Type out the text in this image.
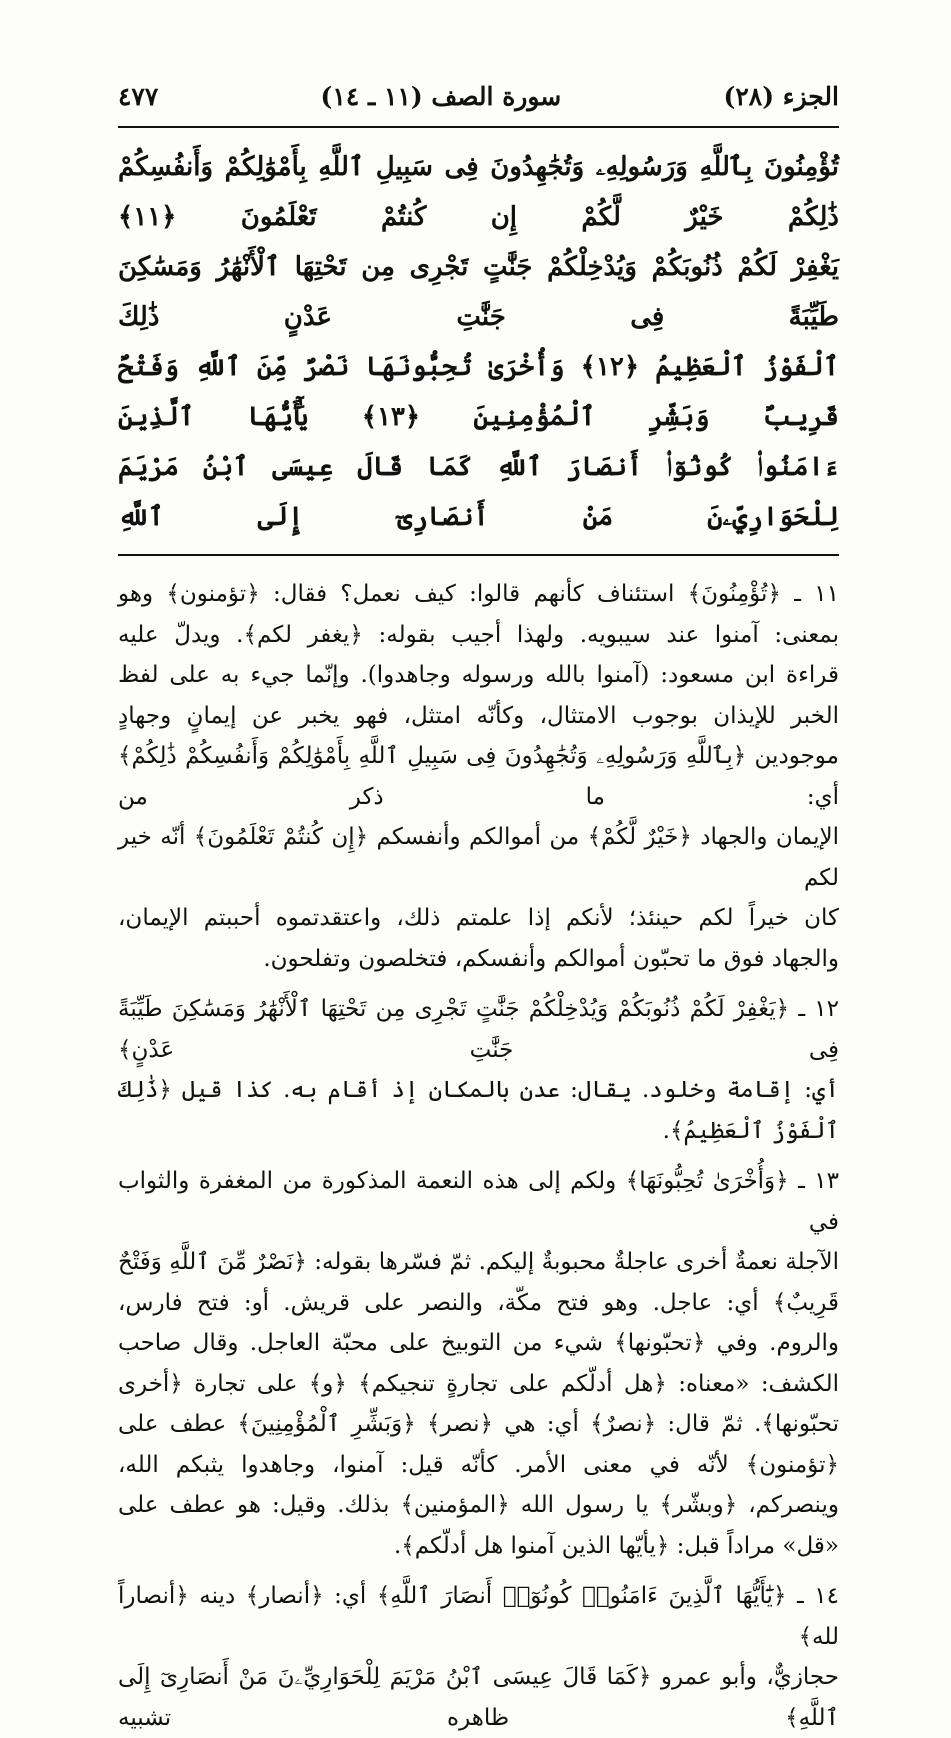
الجزء (٢٨)
سورة الصف (١١ ـ ١٤)
٤٧٧
تُؤْمِنُونَ بِٱللَّهِ وَرَسُولِهِۦ وَتُجَٰهِدُونَ فِى سَبِيلِ ٱللَّهِ بِأَمْوَٰلِكُمْ وَأَنفُسِكُمْ ذَٰلِكُمْ خَيْرٌ لَّكُمْ إِن كُنتُمْ تَعْلَمُونَ ﴿١١﴾
يَغْفِرْ لَكُمْ ذُنُوبَكُمْ وَيُدْخِلْكُمْ جَنَّٰتٍ تَجْرِى مِن تَحْتِهَا ٱلْأَنْهَٰرُ وَمَسَٰكِنَ طَيِّبَةً فِى جَنَّٰتِ عَدْنٍ ذَٰلِكَ
ٱلْفَوْزُ ٱلْعَظِيمُ ﴿١٢﴾ وَأُخْرَىٰ تُحِبُّونَهَا نَصْرٌ مِّنَ ٱللَّهِ وَفَتْحٌ قَرِيبٌ وَبَشِّرِ ٱلْمُؤْمِنِينَ ﴿١٣﴾ يَٰٓأَيُّهَا ٱلَّذِينَ
ءَامَنُوا۟ كُونُوٓا۟ أَنصَارَ ٱللَّهِ كَمَا قَالَ عِيسَى ٱبْنُ مَرْيَمَ لِلْحَوَارِيِّۦنَ مَنْ أَنصَارِىٓ إِلَى ٱللَّهِ

١١ ـ ﴿تُؤْمِنُونَ﴾ استئناف كأنهم قالوا: كيف نعمل؟ فقال: ﴿تؤمنون﴾ وهو
بمعنى: آمنوا عند سيبويه. ولهذا أجيب بقوله: ﴿يغفر لكم﴾. ويدلّ عليه
قراءة ابن مسعود: (آمنوا بالله ورسوله وجاهدوا). وإنّما جيء به على لفظ
الخبر للإيذان بوجوب الامتثال، وكأنّه امتثل، فهو يخبر عن إيمانٍ وجهادٍ
موجودين ﴿بِٱللَّهِ وَرَسُولِهِۦ وَتُجَٰهِدُونَ فِى سَبِيلِ ٱللَّهِ بِأَمْوَٰلِكُمْ وَأَنفُسِكُمْ ذَٰلِكُمْ﴾ أي: ما ذكر من
الإيمان والجهاد ﴿خَيْرٌ لَّكُمْ﴾ من أموالكم وأنفسكم ﴿إِن كُنتُمْ تَعْلَمُونَ﴾ أنّه خير لكم
كان خيراً لكم حينئذ؛ لأنكم إذا علمتم ذلك، واعتقدتموه أحببتم الإيمان،
والجهاد فوق ما تحبّون أموالكم وأنفسكم، فتخلصون وتفلحون.

١٢ ـ ﴿يَغْفِرْ لَكُمْ ذُنُوبَكُمْ وَيُدْخِلْكُمْ جَنَّٰتٍ تَجْرِى مِن تَحْتِهَا ٱلْأَنْهَٰرُ وَمَسَٰكِنَ طَيِّبَةً فِى جَنَّٰتِ عَدْنٍ﴾
أي: إقامة وخلود. يقال: عدن بالمكان إذ أقام به. كذا قيل ﴿ذَٰلِكَ ٱلْفَوْزُ ٱلْعَظِيمُ﴾.

١٣ ـ ﴿وَأُخْرَىٰ تُحِبُّونَهَا﴾ ولكم إلى هذه النعمة المذكورة من المغفرة والثواب في
الآجلة نعمةٌ أخرى عاجلةٌ محبوبةٌ إليكم. ثمّ فسّرها بقوله: ﴿نَصْرٌ مِّنَ ٱللَّهِ وَفَتْحٌ
قَرِيبٌ﴾ أي: عاجل. وهو فتح مكّة، والنصر على قريش. أو: فتح فارس،
والروم. وفي ﴿تحبّونها﴾ شيء من التوبيخ على محبّة العاجل. وقال صاحب
الكشف: «معناه: ﴿هل أدلّكم على تجارةٍ تنجيكم﴾ ﴿و﴾ على تجارة ﴿أخرى
تحبّونها﴾. ثمّ قال: ﴿نصرٌ﴾ أي: هي ﴿نصر﴾ ﴿وَبَشِّرِ ٱلْمُؤْمِنِينَ﴾ عطف على
﴿تؤمنون﴾ لأنّه في معنى الأمر. كأنّه قيل: آمنوا، وجاهدوا يثبكم الله،
وينصركم، ﴿وبشّر﴾ يا رسول الله ﴿المؤمنين﴾ بذلك. وقيل: هو عطف على
«قل» مراداً قبل: ﴿يأيّها الذين آمنوا هل أدلّكم﴾.

١٤ ـ ﴿يَٰٓأَيُّهَا ٱلَّذِينَ ءَامَنُوا۟ كُونُوٓا۟ أَنصَارَ ٱللَّهِ﴾ أي: ﴿أنصار﴾ دينه ﴿أنصاراً لله﴾
حجازيٌّ، وأبو عمرو ﴿كَمَا قَالَ عِيسَى ٱبْنُ مَرْيَمَ لِلْحَوَارِيِّۦنَ مَنْ أَنصَارِىٓ إِلَى ٱللَّهِ﴾ ظاهره تشبيه
